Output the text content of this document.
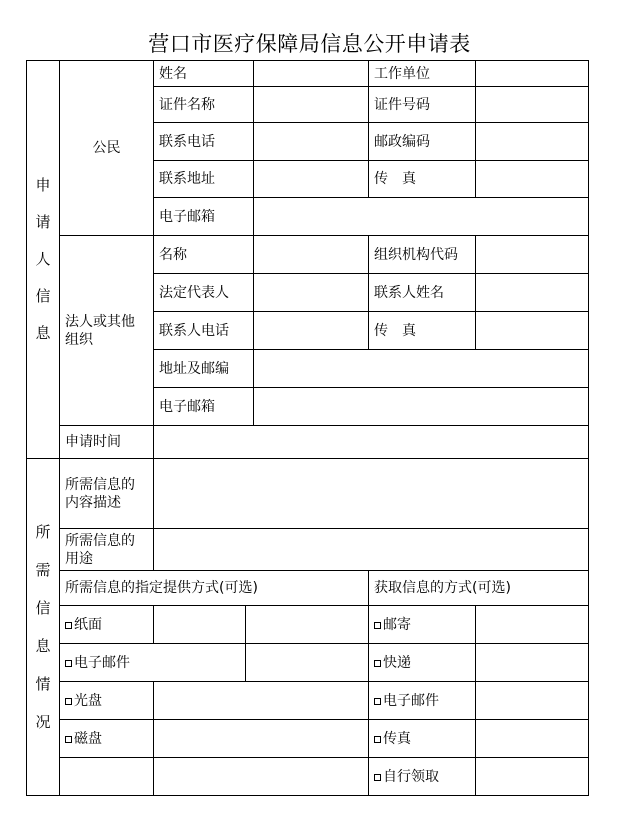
营口市医疗保障局信息公开申请表
申
请
人
信
息
公民
姓名	工作单位
证件名称	证件号码
联系电话	邮政编码
联系地址	传　真
电子邮箱
法人或其他组织
名称	组织机构代码
法定代表人	联系人姓名
联系人电话	传　真
地址及邮编
电子邮箱
申请时间
所
需
信
息
情
况
所需信息的内容描述
所需信息的用途
所需信息的指定提供方式(可选)	获取信息的方式(可选)
纸面	邮寄
电子邮件	快递
光盘	电子邮件
磁盘	传真
自行领取
